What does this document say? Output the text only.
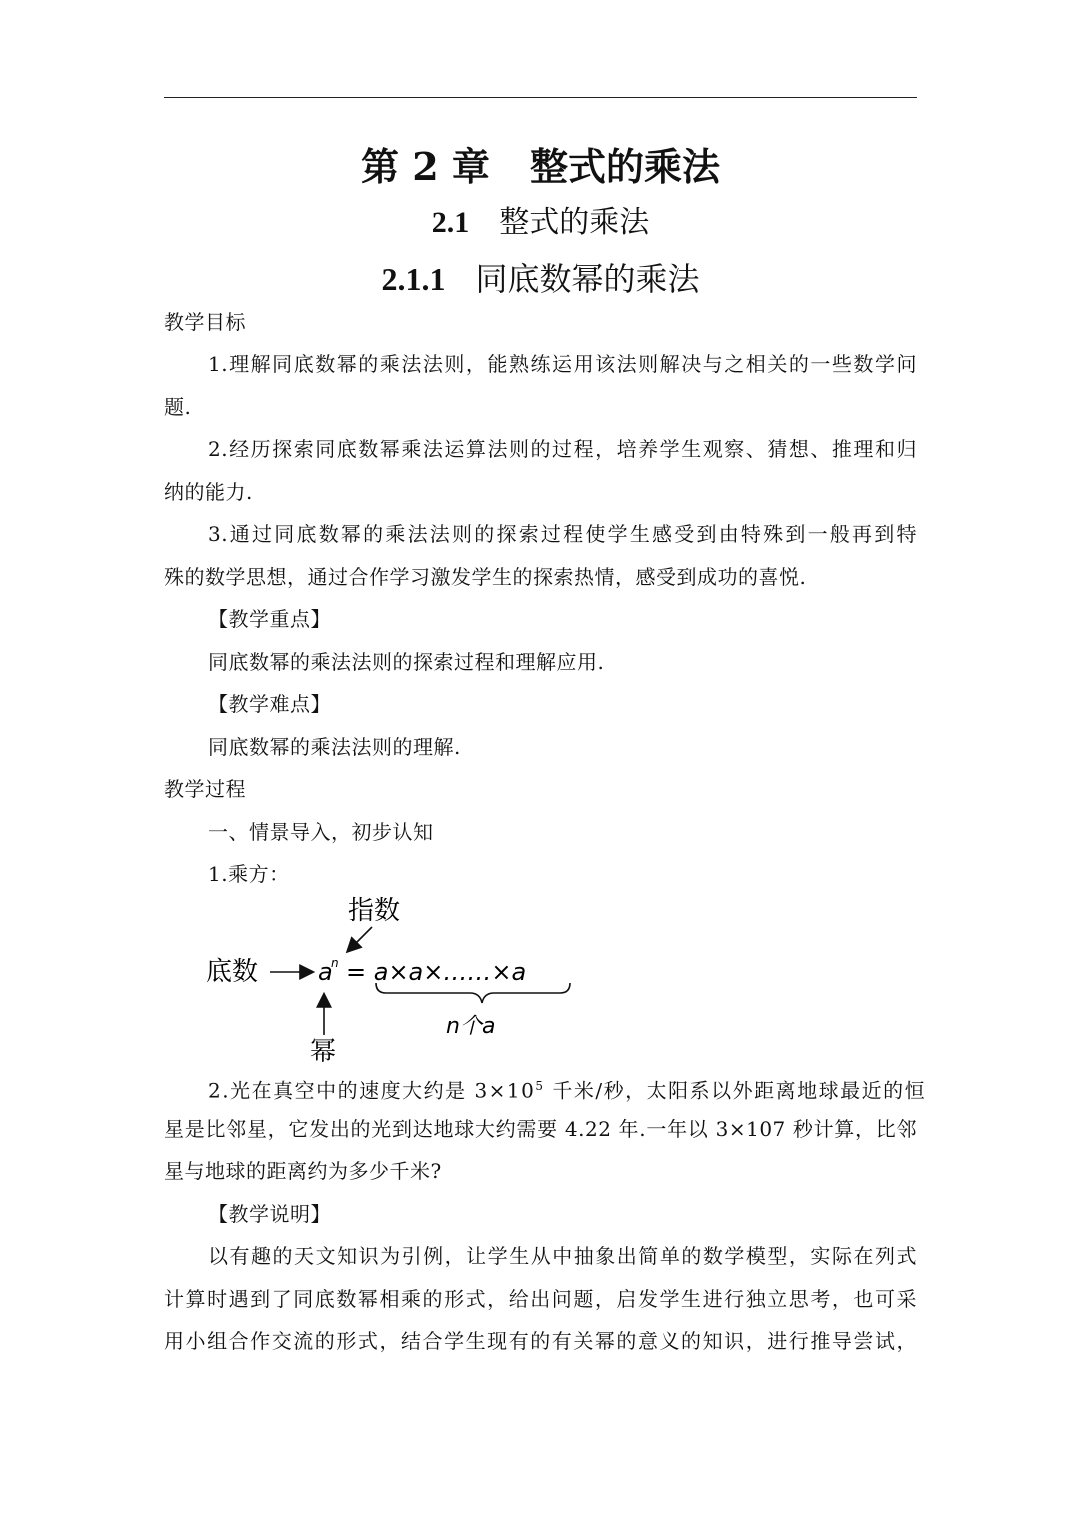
第 2 章 整式的乘法
2.1 整式的乘法
2.1.1 同底数幂的乘法
教学目标
1.理解同底数幂的乘法法则，能熟练运用该法则解决与之相关的一些数学问
题.
2.经历探索同底数幂乘法运算法则的过程，培养学生观察、猜想、推理和归
纳的能力.
3.通过同底数幂的乘法法则的探索过程使学生感受到由特殊到一般再到特
殊的数学思想，通过合作学习激发学生的探索热情，感受到成功的喜悦.
【教学重点】
同底数幂的乘法法则的探索过程和理解应用.
【教学难点】
同底数幂的乘法法则的理解.
教学过程
一、情景导入，初步认知
1.乘方：
指数
底数 a
n = a×a×……×a
n个a
幂
2.光在真空中的速度大约是 $3\times 10^5$ 千米/秒，太阳系以外距离地球最近的恒
星是比邻星，它发出的光到达地球大约需要 4.22 年.一年以 3×107 秒计算，比邻
星与地球的距离约为多少千米?
【教学说明】
以有趣的天文知识为引例，让学生从中抽象出简单的数学模型，实际在列式
计算时遇到了同底数幂相乘的形式，给出问题，启发学生进行独立思考，也可采
用小组合作交流的形式，结合学生现有的有关幂的意义的知识，进行推导尝试，
